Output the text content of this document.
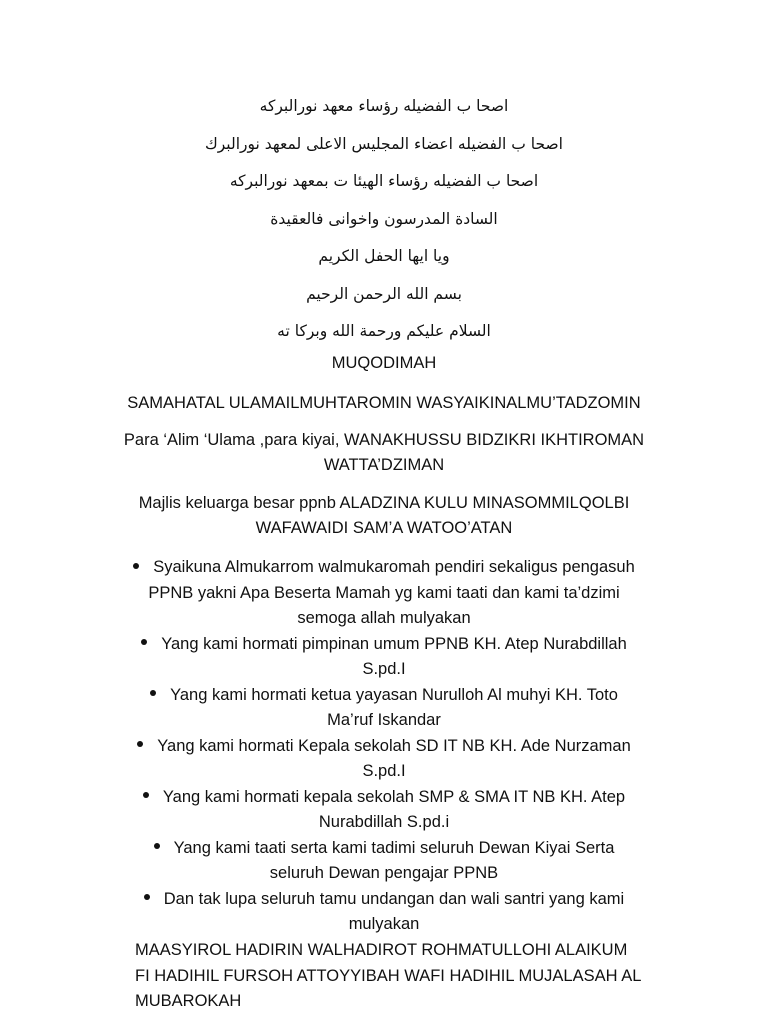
اصحا ب الفضيله رؤساء معهد نورالبركه
اصحا ب الفضيله اعضاء المجليس الاعلى لمعهد نورالبرك
اصحا ب الفضيله رؤساء الهيئا ت بمعهد نورالبركه
السادة المدرسون واخوانى فالعقيدة
ويا ايها الحفل الكريم
بسم الله الرحمن الرحيم
السلام عليكم ورحمة الله وبركا ته
MUQODIMAH
SAMAHATAL ULAMAILMUHTAROMIN WASYAIKINALMU’TADZOMIN
Para ‘Alim ‘Ulama ,para kiyai, WANAKHUSSU BIDZIKRI IKHTIROMAN
WATTA’DZIMAN
Majlis keluarga besar ppnb ALADZINA KULU MINASOMMILQOLBI
WAFAWAIDI SAM’A WATOO’ATAN
Syaikuna Almukarrom walmukaromah pendiri sekaligus pengasuh
PPNB yakni Apa Beserta Mamah yg kami taati dan kami ta’dzimi
semoga allah mulyakan
Yang kami hormati pimpinan umum PPNB KH. Atep Nurabdillah
S.pd.I
Yang kami hormati ketua yayasan Nurulloh Al muhyi KH. Toto
Ma’ruf Iskandar
Yang kami hormati Kepala sekolah SD IT NB KH. Ade Nurzaman
S.pd.I
Yang kami hormati kepala sekolah SMP & SMA IT NB KH. Atep
Nurabdillah S.pd.i
Yang kami taati serta kami tadimi seluruh Dewan Kiyai Serta
seluruh Dewan pengajar PPNB
Dan tak lupa seluruh tamu undangan dan wali santri yang kami
mulyakan
MAASYIROL HADIRIN WALHADIROT ROHMATULLOHI ALAIKUM
FI HADIHIL FURSOH ATTOYYIBAH WAFI HADIHIL MUJALASAH AL
MUBAROKAH
